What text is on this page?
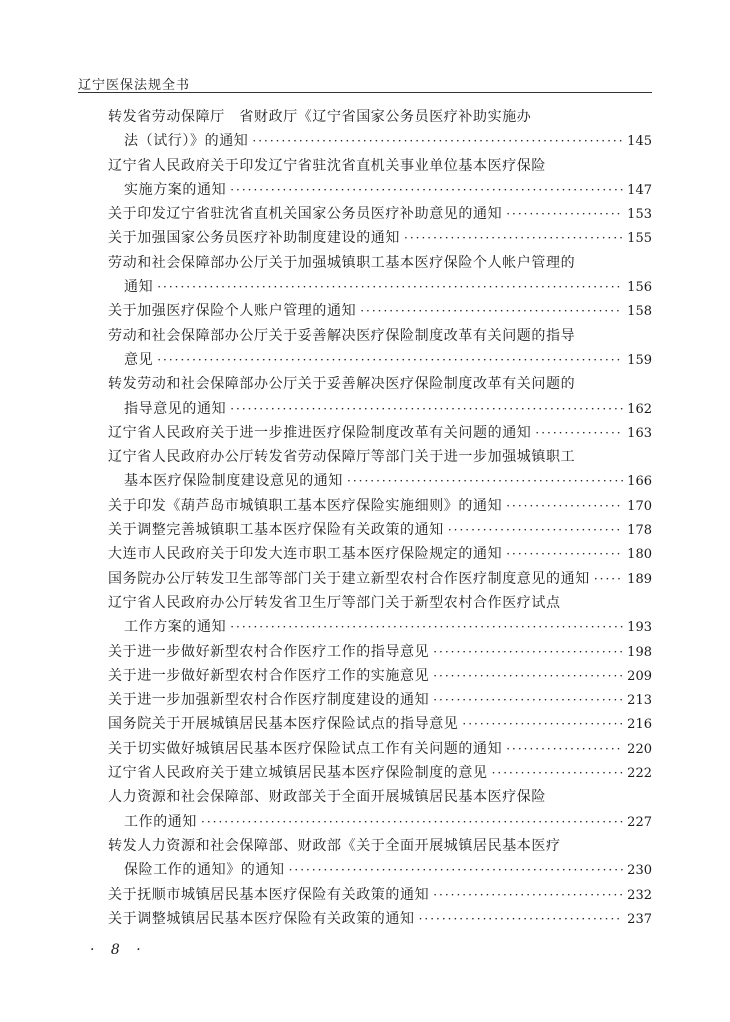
辽宁医保法规全书
转发省劳动保障厅　省财政厅《辽宁省国家公务员医疗补助实施办
法（试行）》的通知 ·····	145
辽宁省人民政府关于印发辽宁省驻沈省直机关事业单位基本医疗保险
实施方案的通知 ·····	147
关于印发辽宁省驻沈省直机关国家公务员医疗补助意见的通知 ·····	153
关于加强国家公务员医疗补助制度建设的通知 ·····	155
劳动和社会保障部办公厅关于加强城镇职工基本医疗保险个人帐户管理的
通知 ·····	156
关于加强医疗保险个人账户管理的通知 ·····	158
劳动和社会保障部办公厅关于妥善解决医疗保险制度改革有关问题的指导
意见 ·····	159
转发劳动和社会保障部办公厅关于妥善解决医疗保险制度改革有关问题的
指导意见的通知 ·····	162
辽宁省人民政府关于进一步推进医疗保险制度改革有关问题的通知 ·····	163
辽宁省人民政府办公厅转发省劳动保障厅等部门关于进一步加强城镇职工
基本医疗保险制度建设意见的通知 ·····	166
关于印发《葫芦岛市城镇职工基本医疗保险实施细则》的通知 ·····	170
关于调整完善城镇职工基本医疗保险有关政策的通知 ·····	178
大连市人民政府关于印发大连市职工基本医疗保险规定的通知 ·····	180
国务院办公厅转发卫生部等部门关于建立新型农村合作医疗制度意见的通知 ·····	189
辽宁省人民政府办公厅转发省卫生厅等部门关于新型农村合作医疗试点
工作方案的通知 ·····	193
关于进一步做好新型农村合作医疗工作的指导意见 ·····	198
关于进一步做好新型农村合作医疗工作的实施意见 ·····	209
关于进一步加强新型农村合作医疗制度建设的通知 ·····	213
国务院关于开展城镇居民基本医疗保险试点的指导意见 ·····	216
关于切实做好城镇居民基本医疗保险试点工作有关问题的通知 ·····	220
辽宁省人民政府关于建立城镇居民基本医疗保险制度的意见 ·····	222
人力资源和社会保障部、财政部关于全面开展城镇居民基本医疗保险
工作的通知 ·····	227
转发人力资源和社会保障部、财政部《关于全面开展城镇居民基本医疗
保险工作的通知》的通知 ·····	230
关于抚顺市城镇居民基本医疗保险有关政策的通知 ·····	232
关于调整城镇居民基本医疗保险有关政策的通知 ·····	237
· 8 ·
